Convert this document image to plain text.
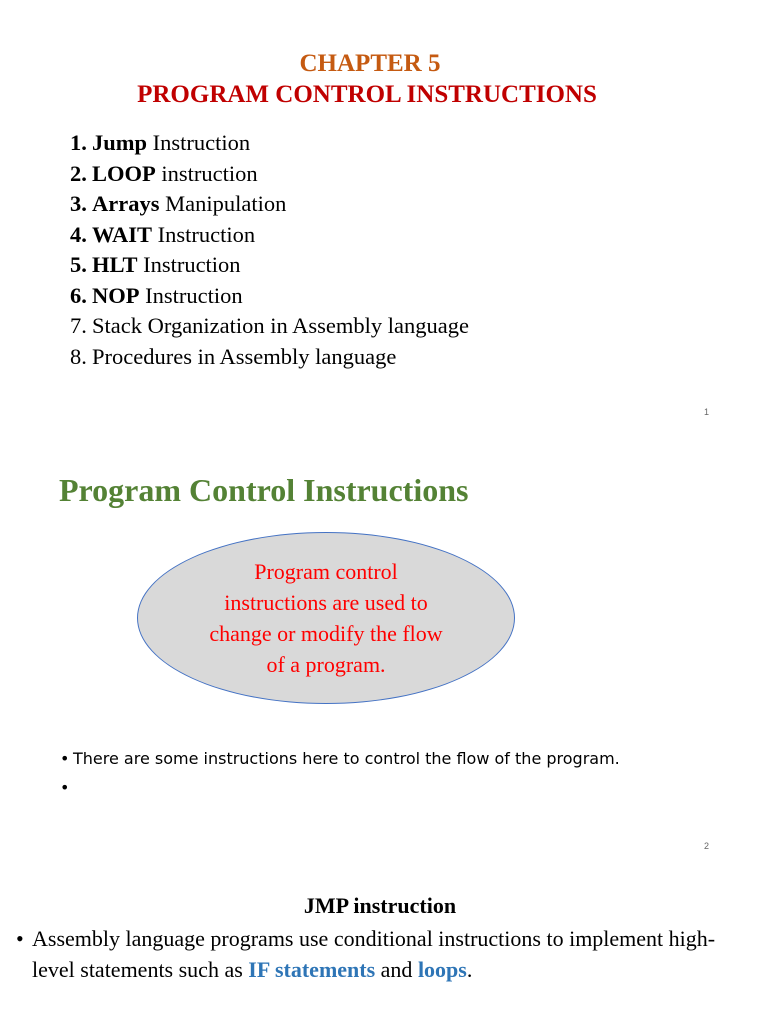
CHAPTER 5
PROGRAM CONTROL INSTRUCTIONS
1. Jump Instruction
2. LOOP instruction
3. Arrays Manipulation
4. WAIT Instruction
5. HLT Instruction
6. NOP Instruction
7. Stack Organization in Assembly language
8. Procedures in Assembly language
1
Program Control Instructions
Program control instructions are used to change or modify the flow of a program.
• There are some instructions here to control the flow of the program.
•
2
JMP instruction
• Assembly language programs use conditional instructions to implement high-level statements such as IF statements and loops.
